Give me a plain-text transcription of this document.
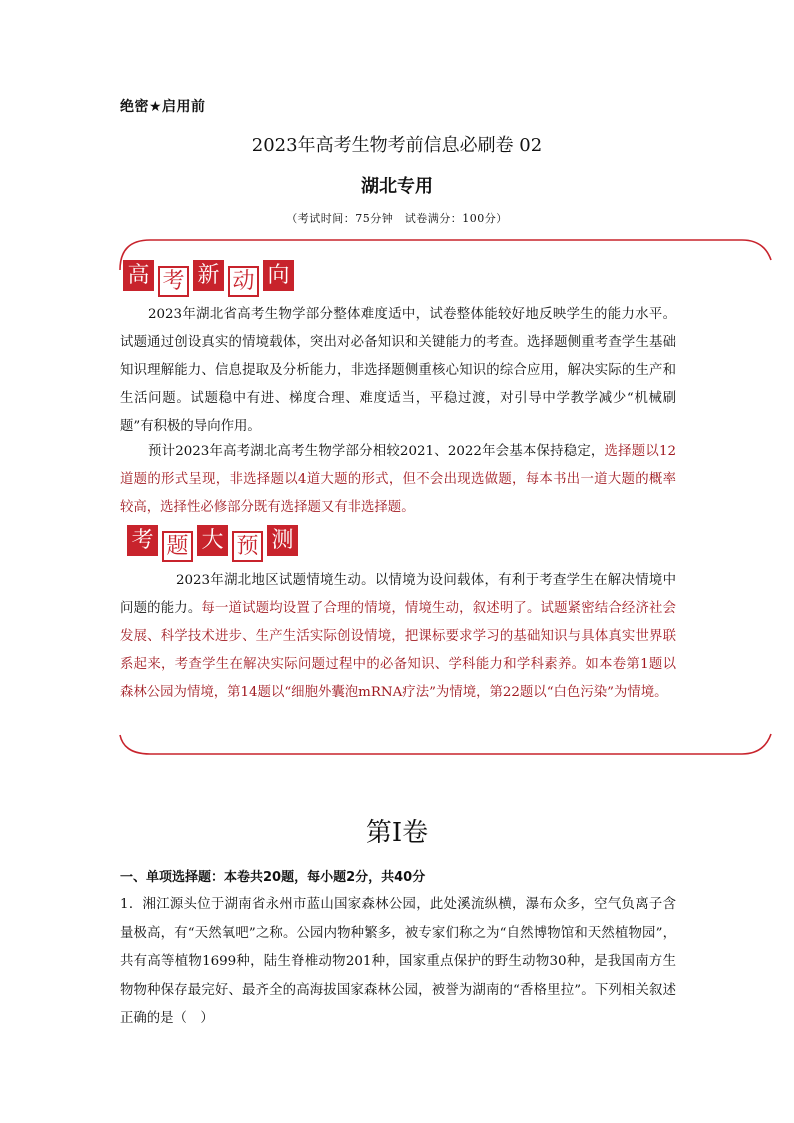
绝密★启用前
2023年高考生物考前信息必刷卷 02
湖北专用
（考试时间：75分钟　试卷满分：100分）
高 考 新 动 向
2023年湖北省高考生物学部分整体难度适中，试卷整体能较好地反映学生的能力水平。试题通过创设真实的情境载体，突出对必备知识和关键能力的考查。选择题侧重考查学生基础知识理解能力、信息提取及分析能力，非选择题侧重核心知识的综合应用，解决实际的生产和生活问题。试题稳中有进、梯度合理、难度适当，平稳过渡，对引导中学教学减少“机械刷题”有积极的导向作用。
预计2023年高考湖北高考生物学部分相较2021、2022年会基本保持稳定，选择题以12道题的形式呈现，非选择题以4道大题的形式，但不会出现选做题，每本书出一道大题的概率较高，选择性必修部分既有选择题又有非选择题。
考 题 大 预 测
2023年湖北地区试题情境生动。以情境为设问载体，有利于考查学生在解决情境中问题的能力。每一道试题均设置了合理的情境，情境生动，叙述明了。试题紧密结合经济社会发展、科学技术进步、生产生活实际创设情境，把课标要求学习的基础知识与具体真实世界联系起来，考查学生在解决实际问题过程中的必备知识、学科能力和学科素养。如本卷第1题以森林公园为情境，第14题以“细胞外囊泡mRNA疗法”为情境，第22题以“白色污染”为情境。
第Ⅰ卷
一、单项选择题：本卷共20题，每小题2分，共40分
1．湘江源头位于湖南省永州市蓝山国家森林公园，此处溪流纵横，瀑布众多，空气负离子含量极高，有“天然氧吧”之称。公园内物种繁多，被专家们称之为“自然博物馆和天然植物园”，共有高等植物1699种，陆生脊椎动物201种，国家重点保护的野生动物30种，是我国南方生物物种保存最完好、最齐全的高海拔国家森林公园，被誉为湖南的“香格里拉”。下列相关叙述正确的是（　）
